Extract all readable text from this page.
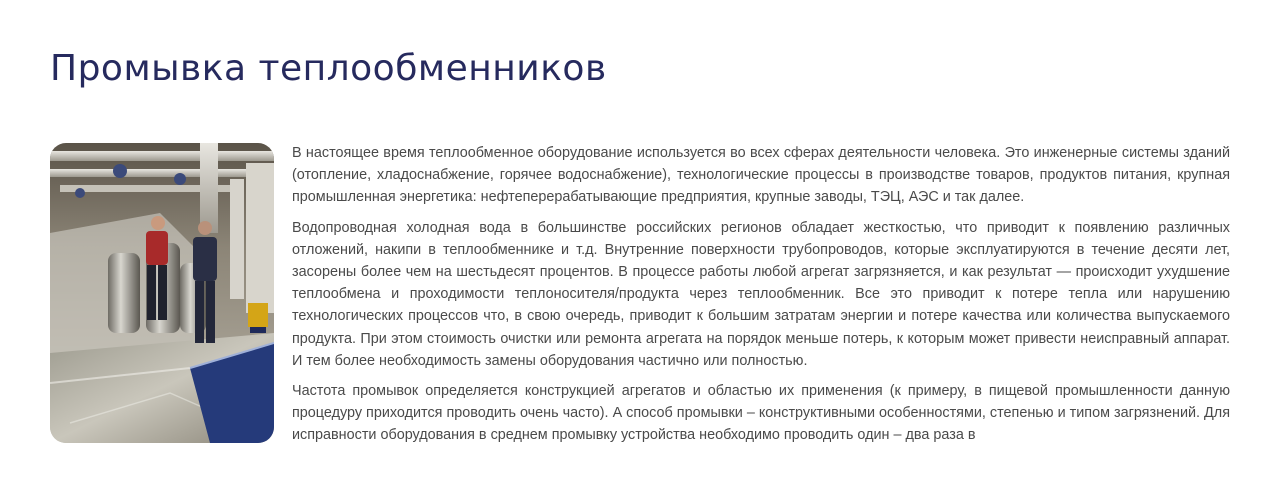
Промывка теплообменников

В настоящее время теплообменное оборудование используется во всех сферах деятельности человека. Это инженерные системы зданий (отопление, хладоснабжение, горячее водоснабжение), технологические процессы в производстве товаров, продуктов питания, крупная промышленная энергетика: нефтеперерабатывающие предприятия, крупные заводы, ТЭЦ, АЭС и так далее.

Водопроводная холодная вода в большинстве российских регионов обладает жесткостью, что приводит к появлению различных отложений, накипи в теплообменнике и т.д. Внутренние поверхности трубопроводов, которые эксплуатируются в течение десяти лет, засорены более чем на шестьдесят процентов. В процессе работы любой агрегат загрязняется, и как результат — происходит ухудшение теплообмена и проходимости теплоносителя/продукта через теплообменник. Все это приводит к потере тепла или нарушению технологических процессов что, в свою очередь, приводит к большим затратам энергии и потере качества или количества выпускаемого продукта. При этом стоимость очистки или ремонта агрегата на порядок меньше потерь, к которым может привести неисправный аппарат. И тем более необходимость замены оборудования частично или полностью.

Частота промывок определяется конструкцией агрегатов и областью их применения (к примеру, в пищевой промышленности данную процедуру приходится проводить очень часто). А способ промывки – конструктивными особенностями, степенью и типом загрязнений. Для исправности оборудования в среднем промывку устройства необходимо проводить один – два раза в
